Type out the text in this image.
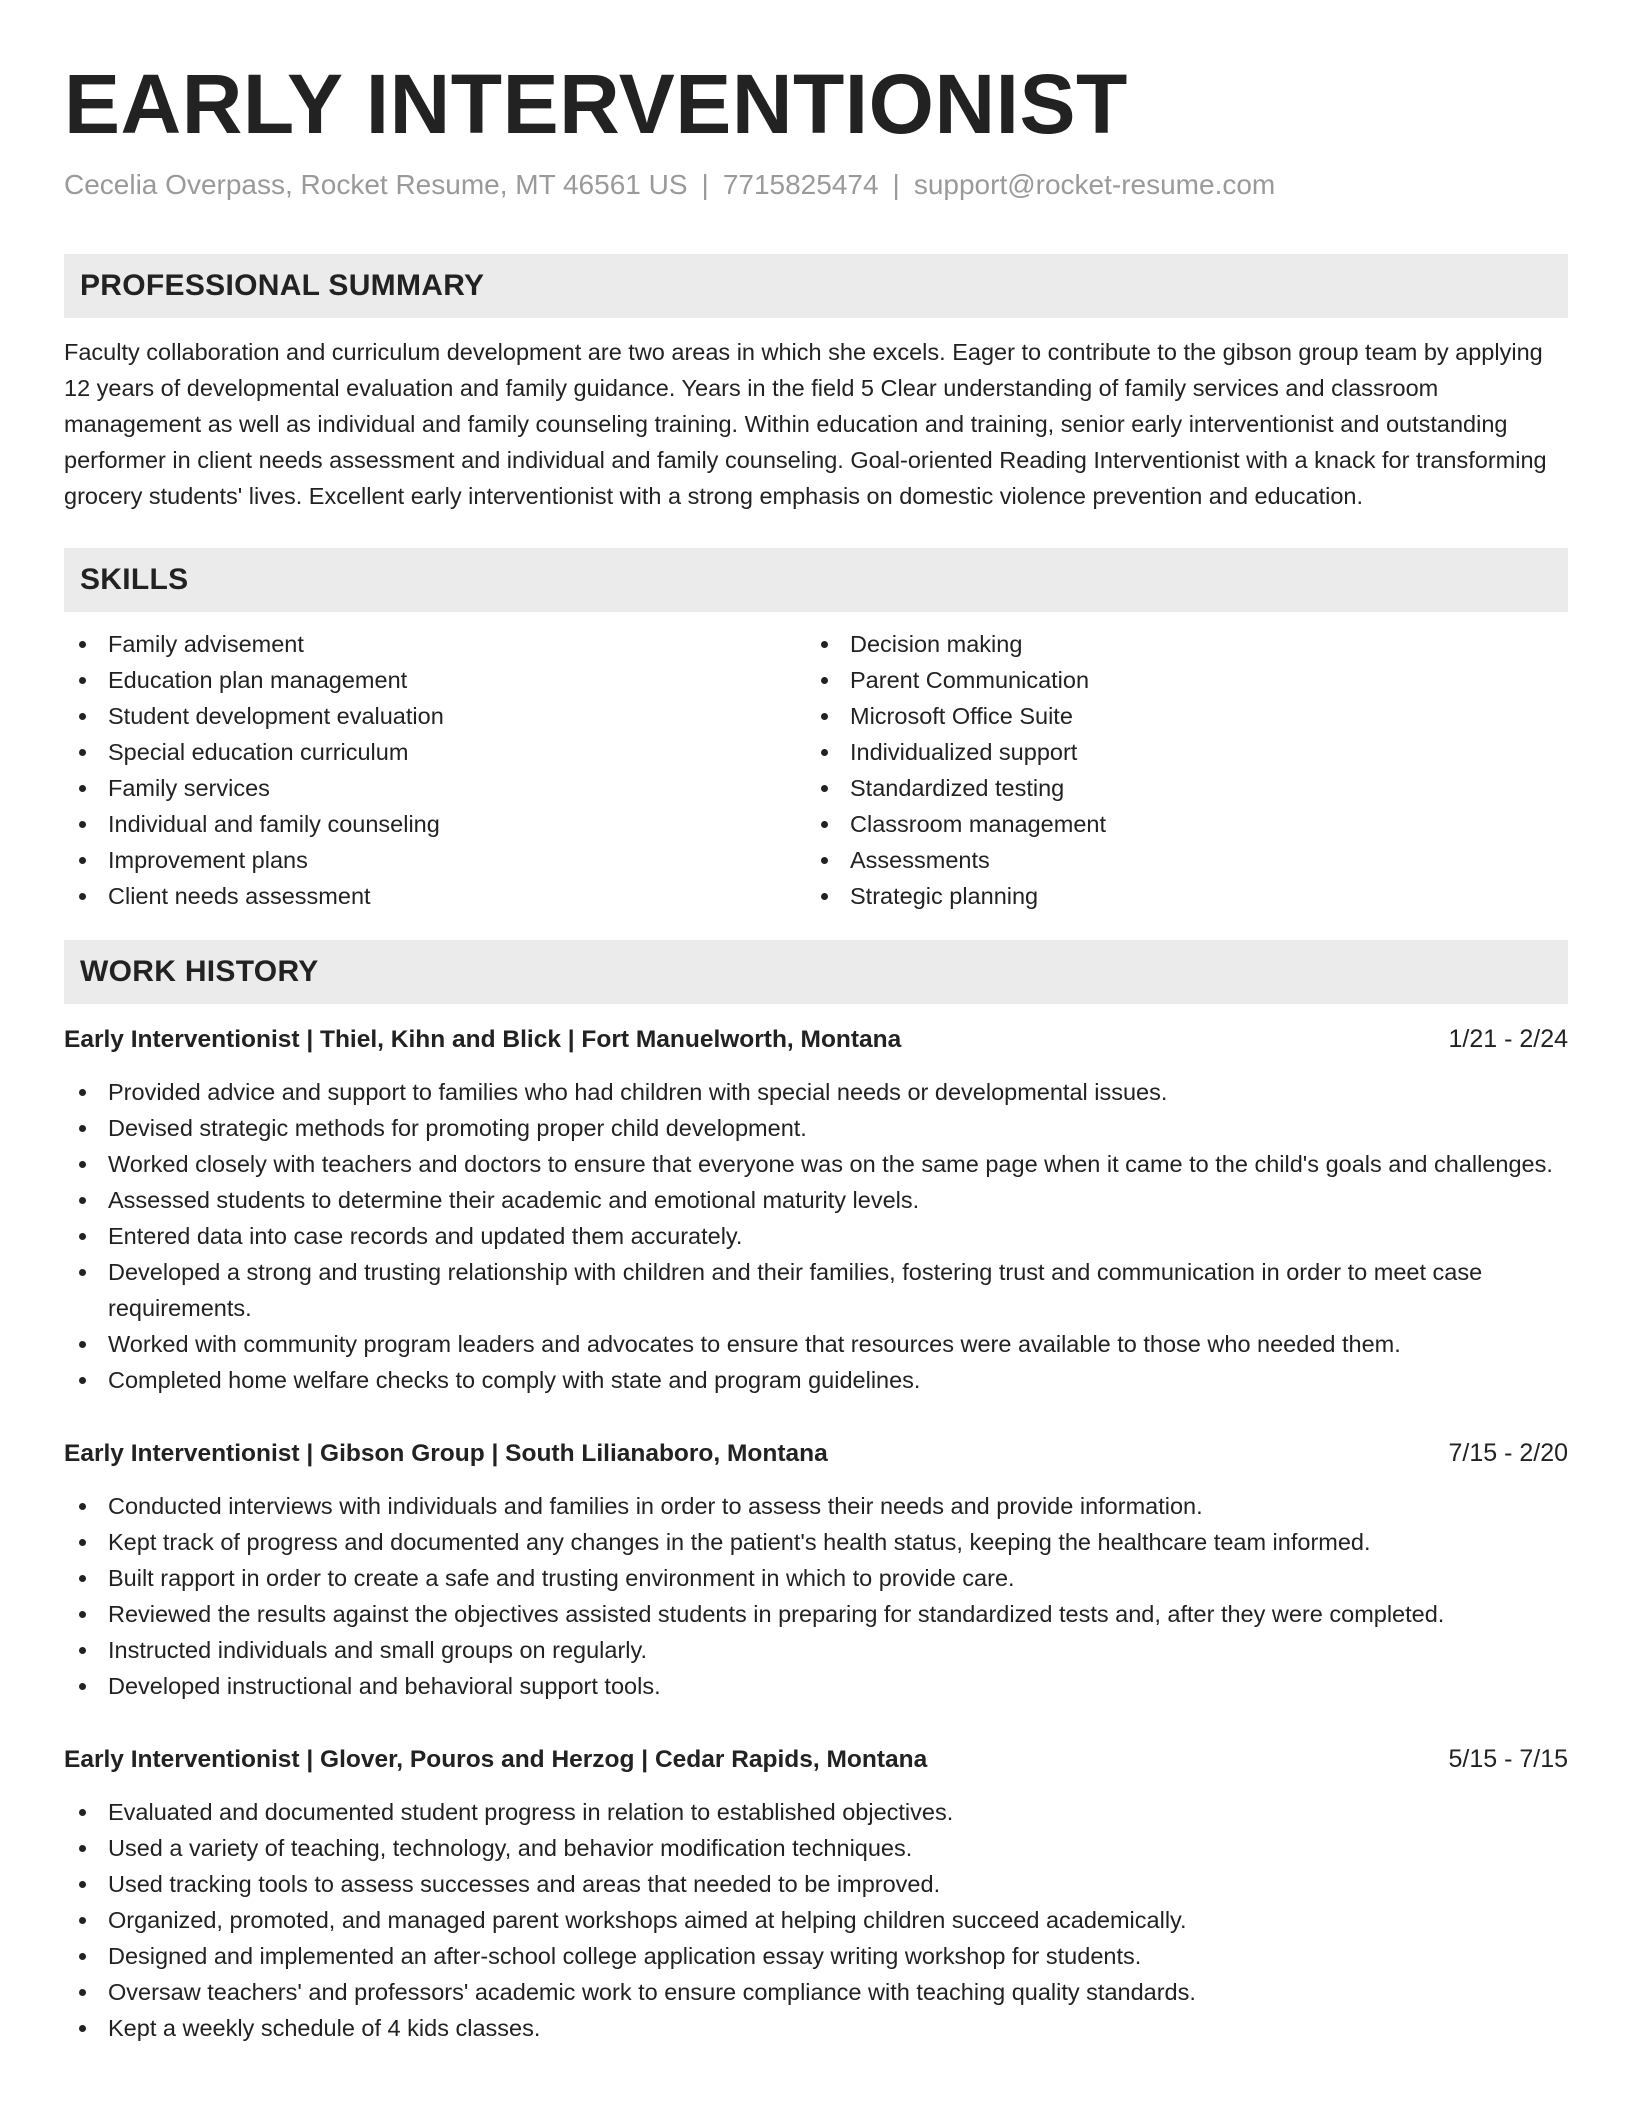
EARLY INTERVENTIONIST
Cecelia Overpass, Rocket Resume, MT 46561 US | 7715825474 | support@rocket-resume.com
PROFESSIONAL SUMMARY

Faculty collaboration and curriculum development are two areas in which she excels. Eager to contribute to the gibson group team by applying 12 years of developmental evaluation and family guidance. Years in the field 5 Clear understanding of family services and classroom management as well as individual and family counseling training. Within education and training, senior early interventionist and outstanding performer in client needs assessment and individual and family counseling. Goal-oriented Reading Interventionist with a knack for transforming grocery students' lives. Excellent early interventionist with a strong emphasis on domestic violence prevention and education.

SKILLS
Family advisement
Education plan management
Student development evaluation
Special education curriculum
Family services
Individual and family counseling
Improvement plans
Client needs assessment
Decision making
Parent Communication
Microsoft Office Suite
Individualized support
Standardized testing
Classroom management
Assessments
Strategic planning
WORK HISTORY
Early Interventionist | Thiel, Kihn and Blick | Fort Manuelworth, Montana	1/21 - 2/24
Provided advice and support to families who had children with special needs or developmental issues.
Devised strategic methods for promoting proper child development.
Worked closely with teachers and doctors to ensure that everyone was on the same page when it came to the child's goals and challenges.
Assessed students to determine their academic and emotional maturity levels.
Entered data into case records and updated them accurately.
Developed a strong and trusting relationship with children and their families, fostering trust and communication in order to meet case requirements.
Worked with community program leaders and advocates to ensure that resources were available to those who needed them.
Completed home welfare checks to comply with state and program guidelines.
Early Interventionist | Gibson Group | South Lilianaboro, Montana	7/15 - 2/20
Conducted interviews with individuals and families in order to assess their needs and provide information.
Kept track of progress and documented any changes in the patient's health status, keeping the healthcare team informed.
Built rapport in order to create a safe and trusting environment in which to provide care.
Reviewed the results against the objectives assisted students in preparing for standardized tests and, after they were completed.
Instructed individuals and small groups on regularly.
Developed instructional and behavioral support tools.
Early Interventionist | Glover, Pouros and Herzog | Cedar Rapids, Montana	5/15 - 7/15
Evaluated and documented student progress in relation to established objectives.
Used a variety of teaching, technology, and behavior modification techniques.
Used tracking tools to assess successes and areas that needed to be improved.
Organized, promoted, and managed parent workshops aimed at helping children succeed academically.
Designed and implemented an after-school college application essay writing workshop for students.
Oversaw teachers' and professors' academic work to ensure compliance with teaching quality standards.
Kept a weekly schedule of 4 kids classes.
